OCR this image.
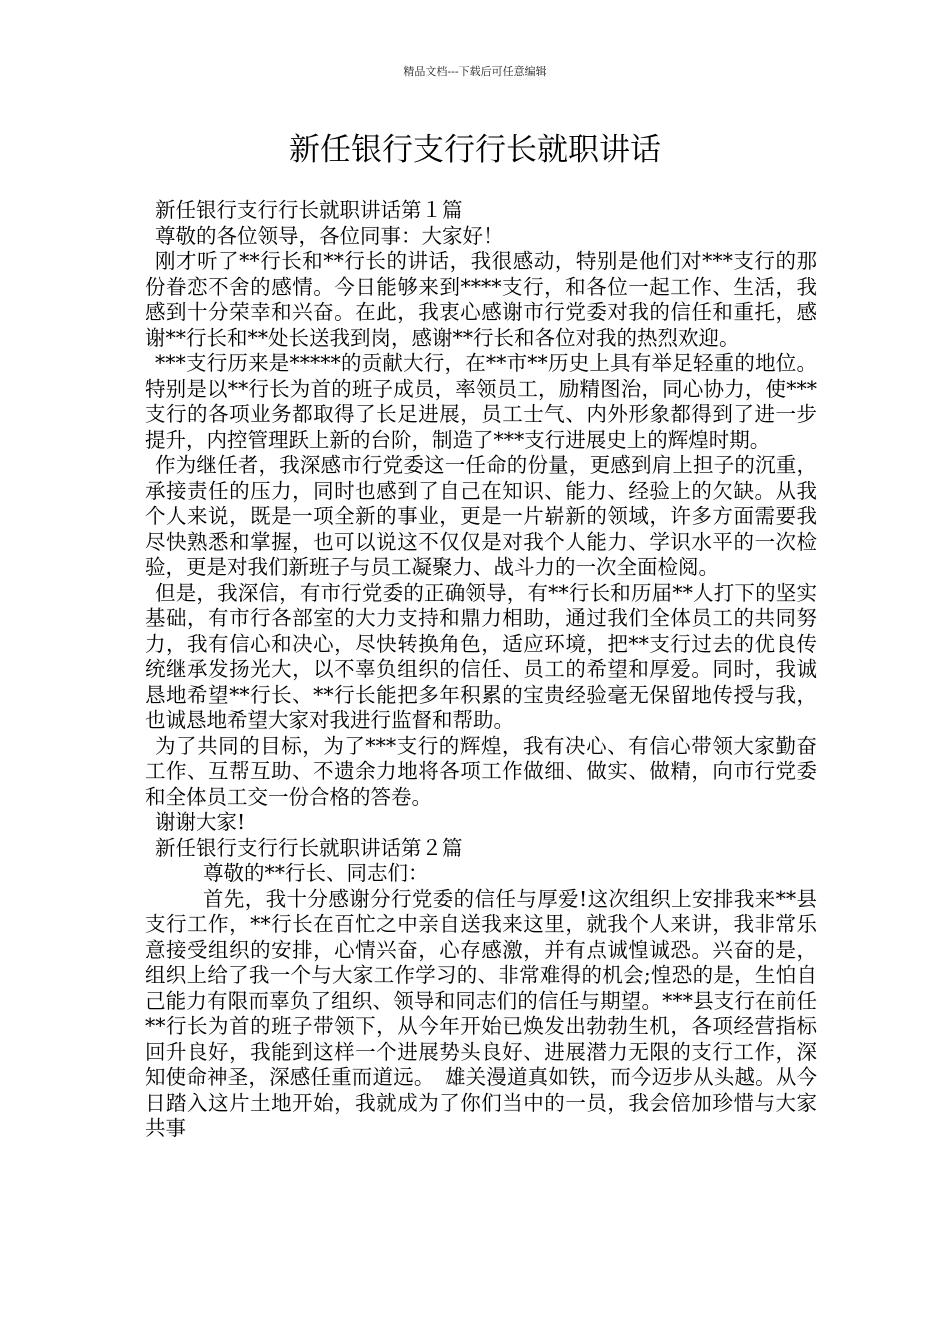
精品文档---下载后可任意编辑
新任银行支行行长就职讲话

新任银行支行行长就职讲话第１篇

尊敬的各位领导，各位同事：大家好！

刚才听了**行长和**行长的讲话，我很感动，特别是他们对***支行的那份眷恋不舍的感情。今日能够来到****支行，和各位一起工作、生活，我感到十分荣幸和兴奋。在此，我衷心感谢市行党委对我的信任和重托，感谢**行长和**处长送我到岗，感谢**行长和各位对我的热烈欢迎。

***支行历来是*****的贡献大行，在**市**历史上具有举足轻重的地位。特别是以**行长为首的班子成员，率领员工，励精图治，同心协力，使***支行的各项业务都取得了长足进展，员工士气、内外形象都得到了进一步提升，内控管理跃上新的台阶，制造了***支行进展史上的辉煌时期。

作为继任者，我深感市行党委这一任命的份量，更感到肩上担子的沉重，承接责任的压力，同时也感到了自己在知识、能力、经验上的欠缺。从我个人来说，既是一项全新的事业，更是一片崭新的领域，许多方面需要我尽快熟悉和掌握，也可以说这不仅仅是对我个人能力、学识水平的一次检验，更是对我们新班子与员工凝聚力、战斗力的一次全面检阅。

但是，我深信，有市行党委的正确领导，有**行长和历届**人打下的坚实基础，有市行各部室的大力支持和鼎力相助，通过我们全体员工的共同努力，我有信心和决心，尽快转换角色，适应环境，把**支行过去的优良传统继承发扬光大，以不辜负组织的信任、员工的希望和厚爱。同时，我诚恳地希望**行长、**行长能把多年积累的宝贵经验毫无保留地传授与我，也诚恳地希望大家对我进行监督和帮助。

为了共同的目标，为了***支行的辉煌，我有决心、有信心带领大家勤奋工作、互帮互助、不遗余力地将各项工作做细、做实、做精，向市行党委和全体员工交一份合格的答卷。

谢谢大家!

新任银行支行行长就职讲话第２篇

尊敬的**行长、同志们：

首先，我十分感谢分行党委的信任与厚爱!这次组织上安排我来**县支行工作，**行长在百忙之中亲自送我来这里，就我个人来讲，我非常乐意接受组织的安排，心情兴奋，心存感激，并有点诚惶诚恐。兴奋的是，组织上给了我一个与大家工作学习的、非常难得的机会;惶恐的是，生怕自己能力有限而辜负了组织、领导和同志们的信任与期望。***县支行在前任**行长为首的班子带领下，从今年开始已焕发出勃勃生机，各项经营指标回升良好，我能到这样一个进展势头良好、进展潜力无限的支行工作，深知使命神圣，深感任重而道远。　雄关漫道真如铁，而今迈步从头越。从今日踏入这片土地开始，我就成为了你们当中的一员，我会倍加珍惜与大家共事
